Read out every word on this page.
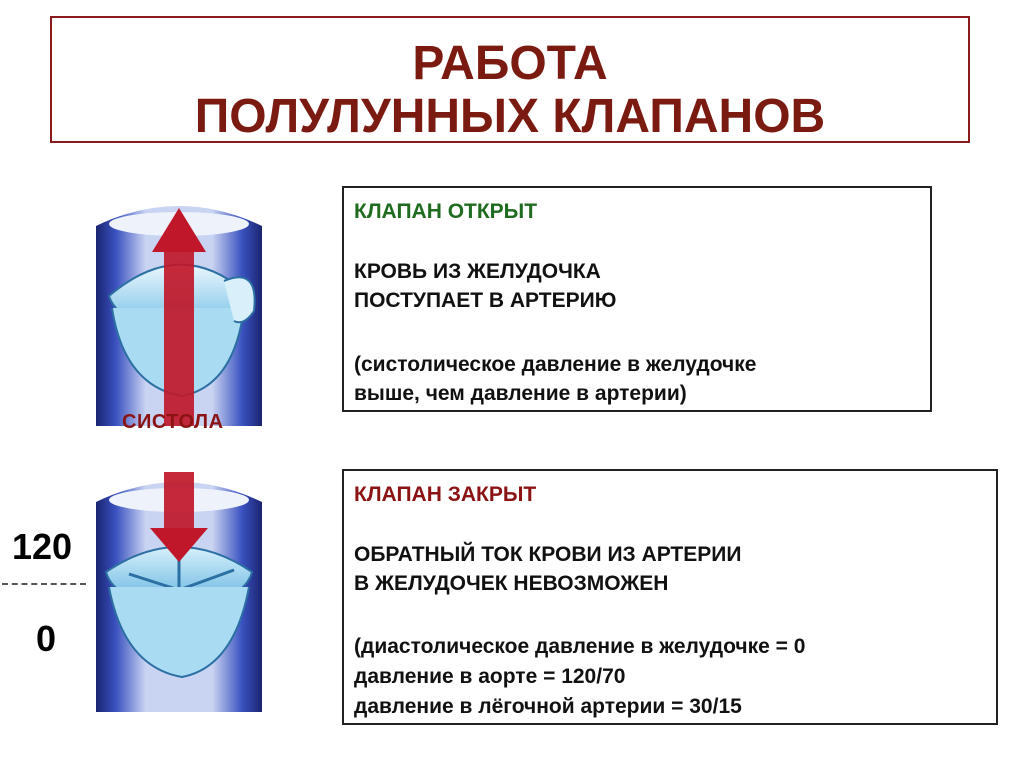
РАБОТА
ПОЛУЛУННЫХ КЛАПАНОВ
СИСТОЛА
120
0
КЛАПАН ОТКРЫТ
КРОВЬ ИЗ ЖЕЛУДОЧКА
ПОСТУПАЕТ В АРТЕРИЮ
(систолическое давление в желудочке
выше, чем давление в артерии)
КЛАПАН ЗАКРЫТ
ОБРАТНЫЙ ТОК КРОВИ ИЗ АРТЕРИИ
В ЖЕЛУДОЧЕК НЕВОЗМОЖЕН
(диастолическое давление в желудочке = 0
давление в аорте = 120/70
давление в лёгочной артерии = 30/15
